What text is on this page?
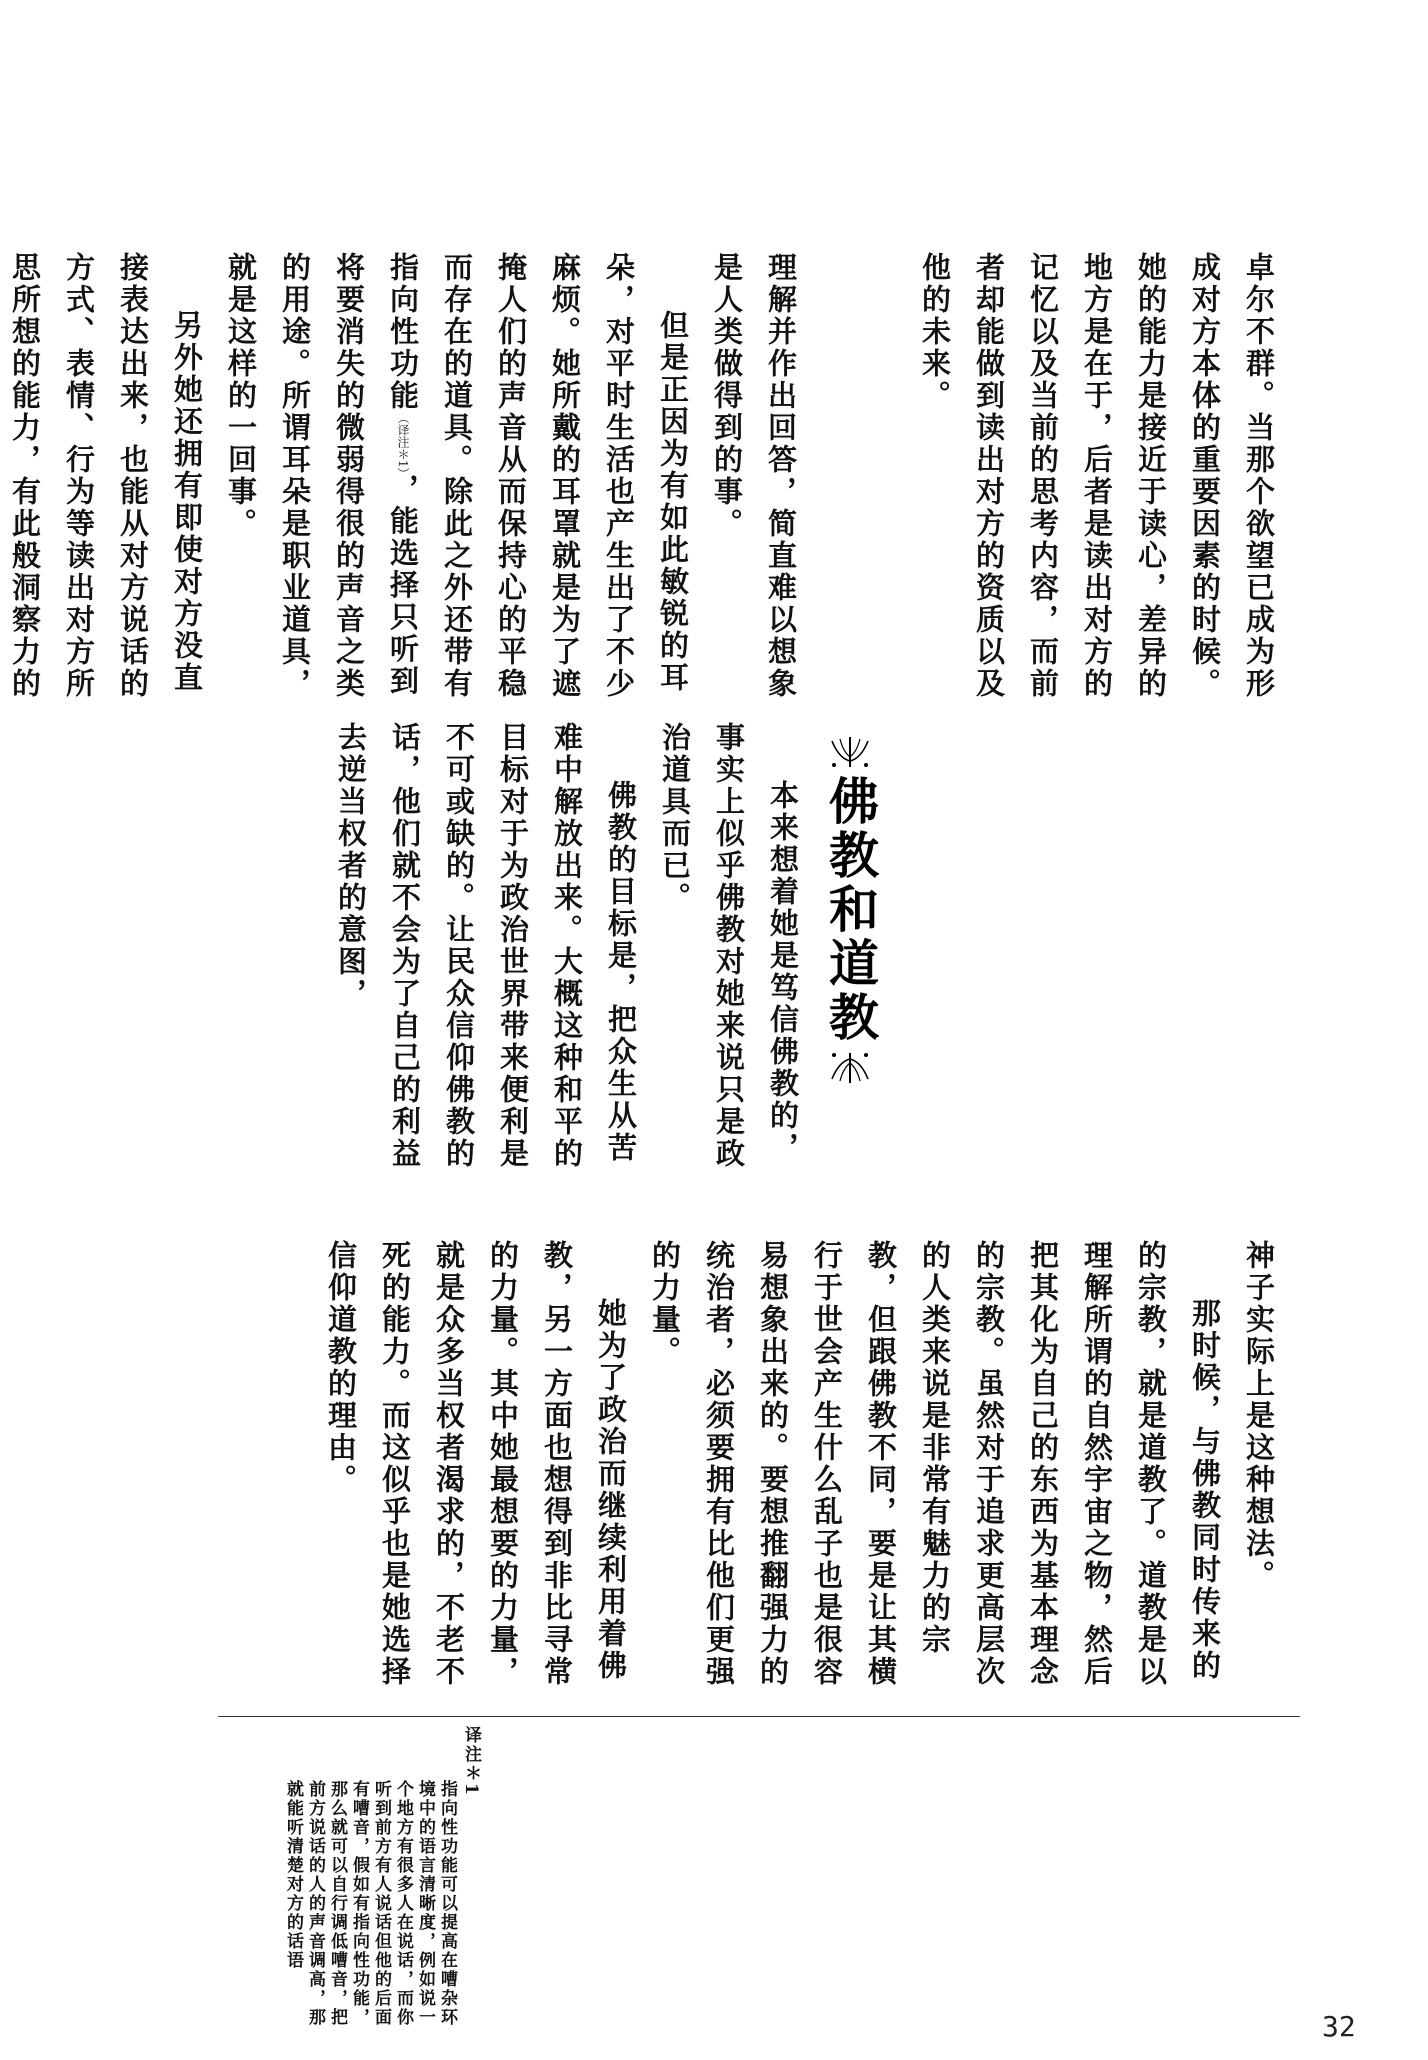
卓尔不群。当那个欲望已成为形成对方本体的重要因素的时候。她的能力是接近于读心，差异的地方是在于，后者是读出对方的记忆以及当前的思考内容，而前者却能做到读出对方的资质以及他的未来。

理解并作出回答，简直难以想象是人类做得到的事。

但是正因为有如此敏锐的耳朵，对平时生活也产生出了不少麻烦。她所戴的耳罩就是为了遮掩人们的声音从而保持心的平稳而存在的道具。除此之外还带有指向性功能（译注＊1），能选择只听到将要消失的微弱得很的声音之类的用途。所谓耳朵是职业道具，就是这样的一回事。

另外她还拥有即使对方没直接表达出来，也能从对方说话的方式、表情、行为等读出对方所思所想的能力，有此般洞察力的

佛教和道教

本来想着她是笃信佛教的，事实上似乎佛教对她来说只是政治道具而已。

佛教的目标是，把众生从苦难中解放出来。大概这种和平的目标对于为政治世界带来便利是不可或缺的。让民众信仰佛教的话，他们就不会为了自己的利益去逆当权者的意图，

神子实际上是这种想法。

那时候，与佛教同时传来的的宗教，就是道教了。道教是以理解所谓的自然宇宙之物，然后把其化为自己的东西为基本理念的宗教。虽然对于追求更高层次的人类来说是非常有魅力的宗教，但跟佛教不同，要是让其横行于世会产生什么乱子也是很容易想象出来的。要想推翻强力的统治者，必须要拥有比他们更强的力量。

她为了政治而继续利用着佛教，另一方面也想得到非比寻常的力量。其中她最想要的力量，就是众多当权者渴求的，不老不死的能力。而这似乎也是她选择信仰道教的理由。

译注＊1
指向性功能可以提高在嘈杂环境中的语言清晰度，例如说一个地方有很多人在说话，而你听到前方有人说话但他的后面有嘈音，假如有指向性功能，那么就可以自行调低嘈音，把前方说话的人的声音调高，那就能听清楚对方的话语
32
